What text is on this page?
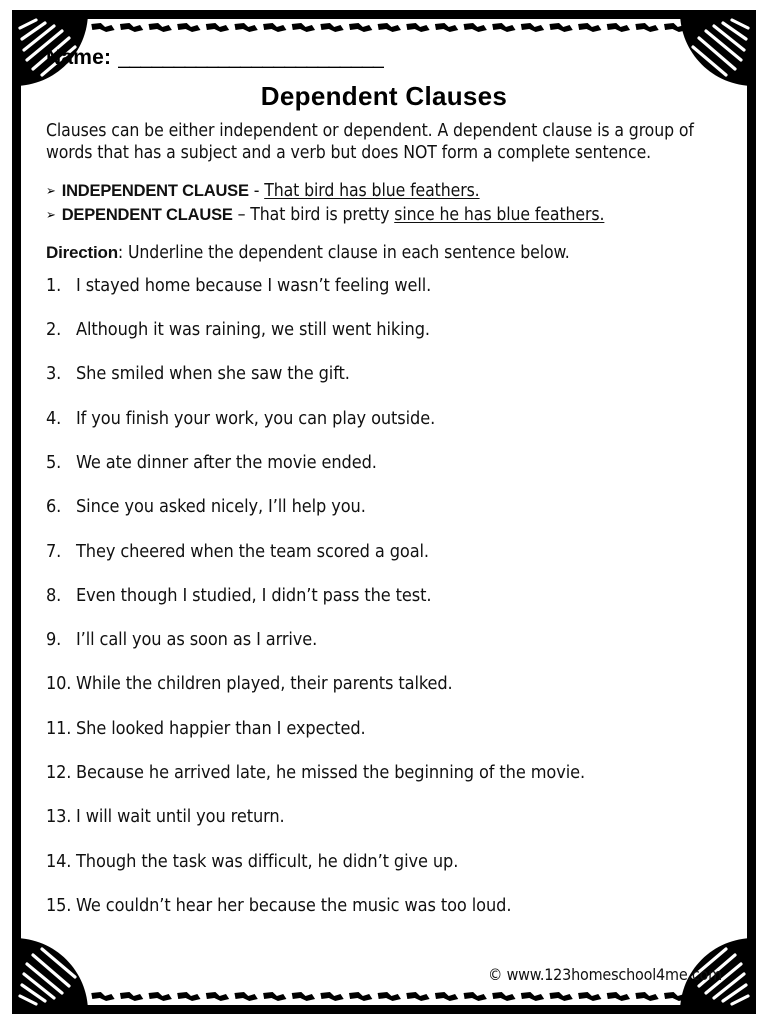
Name: ________________________
Dependent Clauses

Clauses can be either independent or dependent. A dependent clause is a group of words that has a subject and a verb but does NOT form a complete sentence.

➢ INDEPENDENT CLAUSE - That bird has blue feathers.
➢ DEPENDENT CLAUSE – That bird is pretty since he has blue feathers.

Direction: Underline the dependent clause in each sentence below.

1. I stayed home because I wasn’t feeling well.
2. Although it was raining, we still went hiking.
3. She smiled when she saw the gift.
4. If you finish your work, you can play outside.
5. We ate dinner after the movie ended.
6. Since you asked nicely, I’ll help you.
7. They cheered when the team scored a goal.
8. Even though I studied, I didn’t pass the test.
9. I’ll call you as soon as I arrive.
10. While the children played, their parents talked.
11. She looked happier than I expected.
12. Because he arrived late, he missed the beginning of the movie.
13. I will wait until you return.
14. Though the task was difficult, he didn’t give up.
15. We couldn’t hear her because the music was too loud.
© www.123homeschool4me.com
